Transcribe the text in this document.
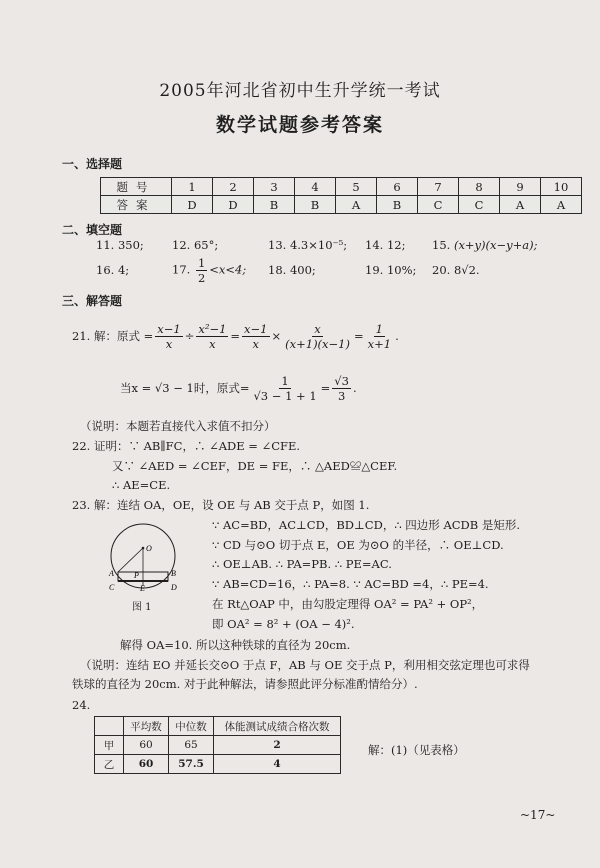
2005年河北省初中生升学统一考试
数学试题参考答案
一、选择题
题号	1	2	3	4	5	6	7	8	9	10
答案	D	D	B	B	A	B	C	C	A	A
二、填空题
11. 350; 12. 65°;	13. 4.3×10⁻⁵; 14. 12; 15. (x+y)(x−y+a);
16. 4;	17. $\frac{1}{2} <x<4$; 18. 400;	19. 10%; 20. 8√2.
三、解答题
21. 解：原式 = $\frac{x-1}{x} \div \frac{\text{x²−1}}{x} = \frac{x-1}{x} \times \frac{x}{(x+1)(x-1)} = \frac{1}{x+1}$ .
当x = √3 − 1时，原式= $\frac{1}{√3 - 1 + 1} = \frac{√3}{3}$ .
（说明：本题若直接代入求值不扣分）
22. 证明：∵ AB∥FC，∴ ∠ADE = ∠CFE.
又∵ ∠AED = ∠CEF，DE = FE，∴ △AED≌△CEF.
∴ AE=CE.
23. 解：连结 OA，OE，设 OE 与 AB 交于点 P，如图 1.
∵ AC=BD，AC⊥CD，BD⊥CD，∴ 四边形 ACDB 是矩形.
∵ CD 与⊙O 切于点 E，OE 为⊙O 的半径，∴ OE⊥CD.
∴ OE⊥AB. ∴ PA=PB. ∴ PE=AC.
∵ AB=CD=16，∴ PA=8. ∵ AC=BD =4，∴ PE=4.
在 Rt△OAP 中，由勾股定理得 OA² = PA² + OP²，
即 OA² = 8² + (OA − 4)².
O
A	B
P
C	D
E
图 1
解得 OA=10. 所以这种铁球的直径为 20cm.
（说明：连结 EO 并延长交⊙O 于点 F，AB 与 OE 交于点 P，利用相交弦定理也可求得
铁球的直径为 20cm. 对于此种解法，请参照此评分标准酌情给分）.
24.
	平均数	中位数	体能测试成绩合格次数
甲	60	65	2
乙	60	57.5	4
解：(1)（见表格）
~17~
